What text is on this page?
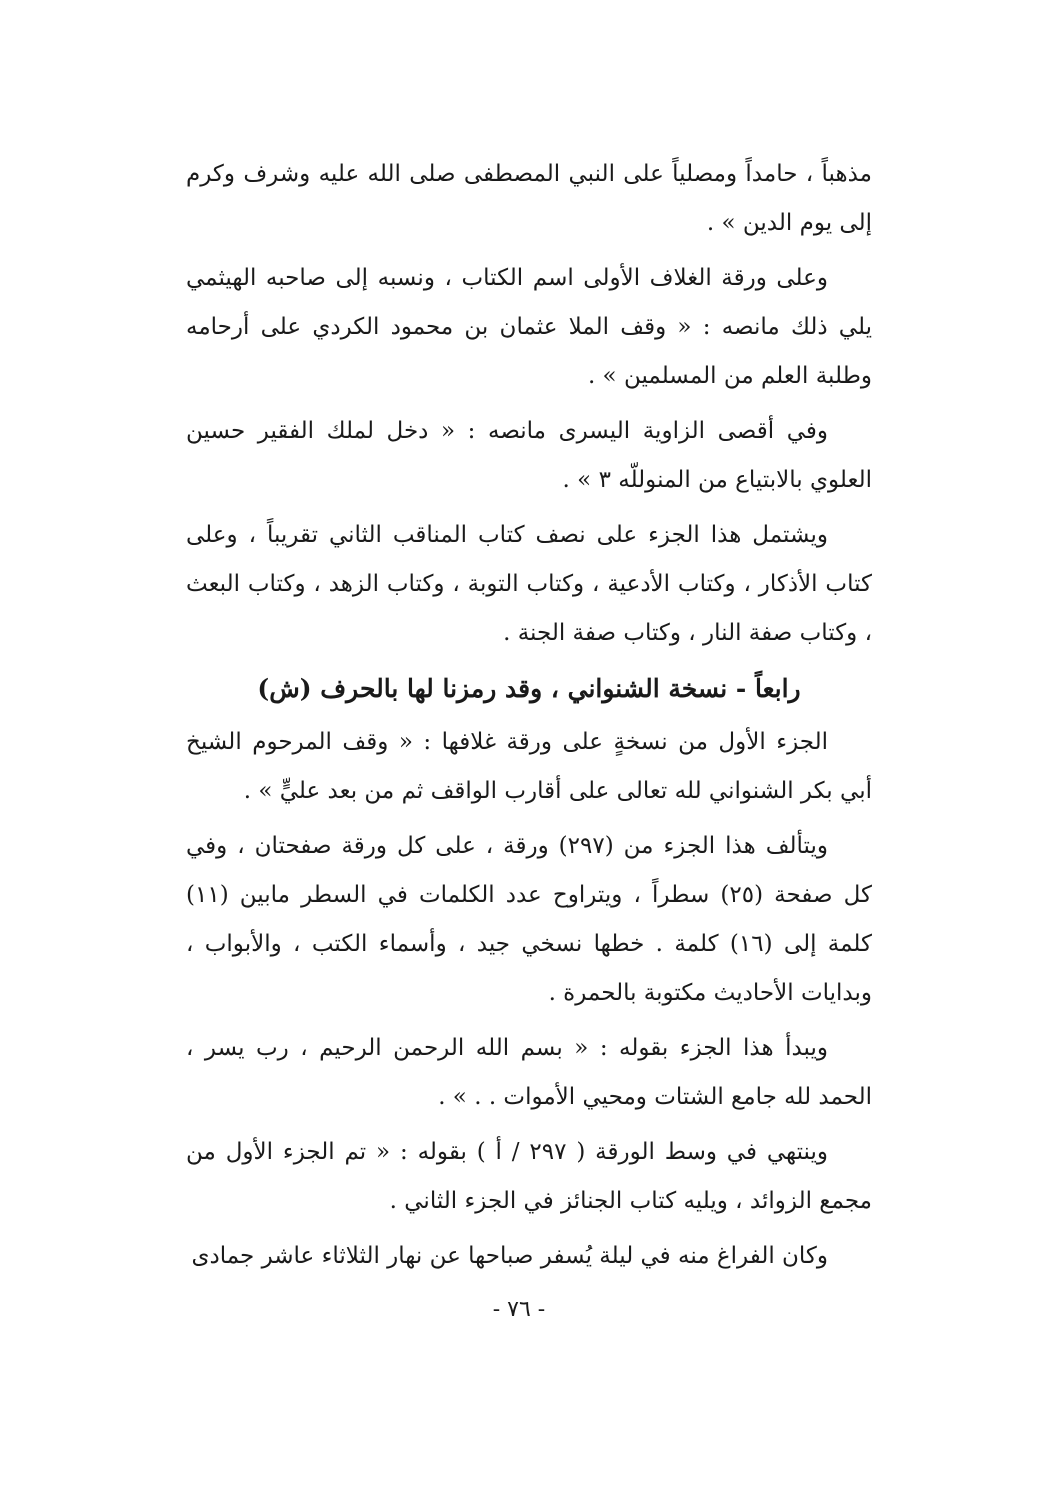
مذهباً ، حامداً ومصلياً على النبي المصطفى صلى الله عليه وشرف وكرم إلى يوم الدين » .

وعلى ورقة الغلاف الأولى اسم الكتاب ، ونسبه إلى صاحبه الهيثمي يلي ذلك مانصه : « وقف الملا عثمان بن محمود الكردي على أرحامه وطلبة العلم من المسلمين » .

وفي أقصى الزاوية اليسرى مانصه : « دخل لملك الفقير حسين العلوي بالابتياع من المنوللّه ٣ » .

ويشتمل هذا الجزء على نصف كتاب المناقب الثاني تقريباً ، وعلى كتاب الأذكار ، وكتاب الأدعية ، وكتاب التوبة ، وكتاب الزهد ، وكتاب البعث ، وكتاب صفة النار ، وكتاب صفة الجنة .

رابعاً - نسخة الشنواني ، وقد رمزنا لها بالحرف (ش)

الجزء الأول من نسخةٍ على ورقة غلافها : « وقف المرحوم الشيخ أبي بكر الشنواني لله تعالى على أقارب الواقف ثم من بعد عليٍّ » .

ويتألف هذا الجزء من (٢٩٧) ورقة ، على كل ورقة صفحتان ، وفي كل صفحة (٢٥) سطراً ، ويتراوح عدد الكلمات في السطر مابين (١١) كلمة إلى (١٦) كلمة . خطها نسخي جيد ، وأسماء الكتب ، والأبواب ، وبدايات الأحاديث مكتوبة بالحمرة .

ويبدأ هذا الجزء بقوله : « بسم الله الرحمن الرحيم ، رب يسر ، الحمد لله جامع الشتات ومحيي الأموات . . » .

وينتهي في وسط الورقة ( ٢٩٧ / أ ) بقوله : « تم الجزء الأول من مجمع الزوائد ، ويليه كتاب الجنائز في الجزء الثاني .

وكان الفراغ منه في ليلة يُسفر صباحها عن نهار الثلاثاء عاشر جمادى

- ٧٦ -
